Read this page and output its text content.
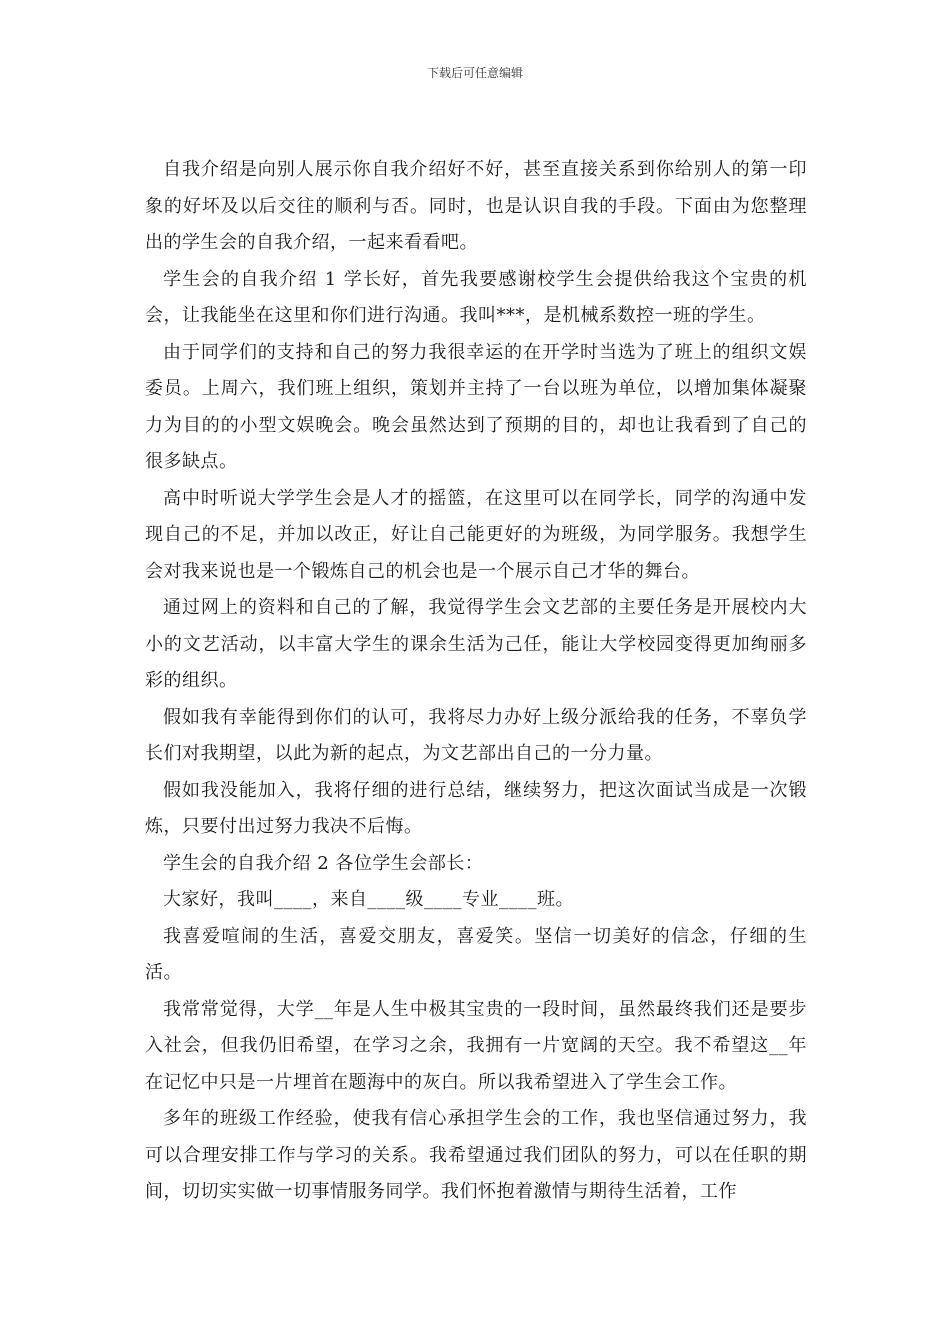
下载后可任意编辑

自我介绍是向别人展示你自我介绍好不好，甚至直接关系到你给别人的第一印象的好坏及以后交往的顺利与否。同时，也是认识自我的手段。下面由为您整理出的学生会的自我介绍，一起来看看吧。

学生会的自我介绍 1 学长好，首先我要感谢校学生会提供给我这个宝贵的机会，让我能坐在这里和你们进行沟通。我叫***，是机械系数控一班的学生。

由于同学们的支持和自己的努力我很幸运的在开学时当选为了班上的组织文娱委员。上周六，我们班上组织，策划并主持了一台以班为单位，以增加集体凝聚力为目的的小型文娱晚会。晚会虽然达到了预期的目的，却也让我看到了自己的很多缺点。

高中时听说大学学生会是人才的摇篮，在这里可以在同学长，同学的沟通中发现自己的不足，并加以改正，好让自己能更好的为班级，为同学服务。我想学生会对我来说也是一个锻炼自己的机会也是一个展示自己才华的舞台。

通过网上的资料和自己的了解，我觉得学生会文艺部的主要任务是开展校内大小的文艺活动，以丰富大学生的课余生活为己任，能让大学校园变得更加绚丽多彩的组织。

假如我有幸能得到你们的认可，我将尽力办好上级分派给我的任务，不辜负学长们对我期望，以此为新的起点，为文艺部出自己的一分力量。

假如我没能加入，我将仔细的进行总结，继续努力，把这次面试当成是一次锻炼，只要付出过努力我决不后悔。

学生会的自我介绍 2 各位学生会部长：

大家好，我叫____，来自____级____专业____班。

我喜爱喧闹的生活，喜爱交朋友，喜爱笑。坚信一切美好的信念，仔细的生活。

我常常觉得，大学__年是人生中极其宝贵的一段时间，虽然最终我们还是要步入社会，但我仍旧希望，在学习之余，我拥有一片宽阔的天空。我不希望这__年在记忆中只是一片埋首在题海中的灰白。所以我希望进入了学生会工作。

多年的班级工作经验，使我有信心承担学生会的工作，我也坚信通过努力，我可以合理安排工作与学习的关系。我希望通过我们团队的努力，可以在任职的期间，切切实实做一切事情服务同学。我们怀抱着激情与期待生活着，工作
